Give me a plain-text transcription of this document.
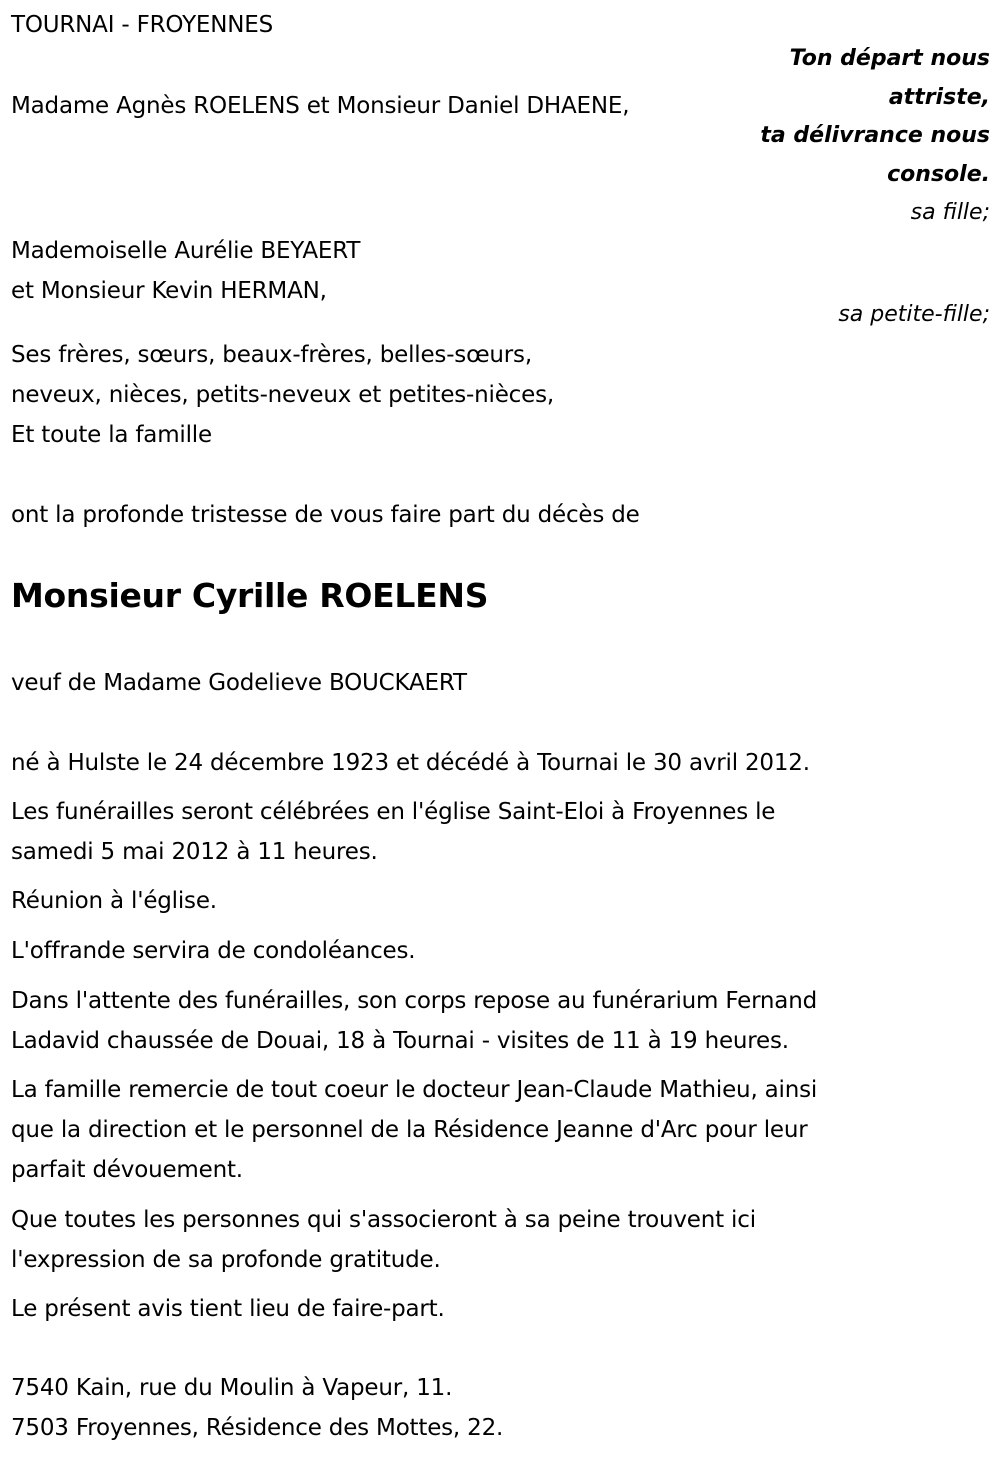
TOURNAI - FROYENNES
Ton départ nous
attriste,
ta délivrance nous
console.
Madame Agnès ROELENS et Monsieur Daniel DHAENE,
sa fille;
Mademoiselle Aurélie BEYAERT
et Monsieur Kevin HERMAN,
sa petite-fille;
Ses frères, sœurs, beaux-frères, belles-sœurs,
neveux, nièces, petits-neveux et petites-nièces,
Et toute la famille
ont la profonde tristesse de vous faire part du décès de
Monsieur Cyrille ROELENS
veuf de Madame Godelieve BOUCKAERT
né à Hulste le 24 décembre 1923 et décédé à Tournai le 30 avril 2012.
Les funérailles seront célébrées en l'église Saint-Eloi à Froyennes le
samedi 5 mai 2012 à 11 heures.
Réunion à l'église.
L'offrande servira de condoléances.
Dans l'attente des funérailles, son corps repose au funérarium Fernand
Ladavid chaussée de Douai, 18 à Tournai - visites de 11 à 19 heures.
La famille remercie de tout coeur le docteur Jean-Claude Mathieu, ainsi
que la direction et le personnel de la Résidence Jeanne d'Arc pour leur
parfait dévouement.
Que toutes les personnes qui s'associeront à sa peine trouvent ici
l'expression de sa profonde gratitude.
Le présent avis tient lieu de faire-part.
7540 Kain, rue du Moulin à Vapeur, 11.
7503 Froyennes, Résidence des Mottes, 22.
